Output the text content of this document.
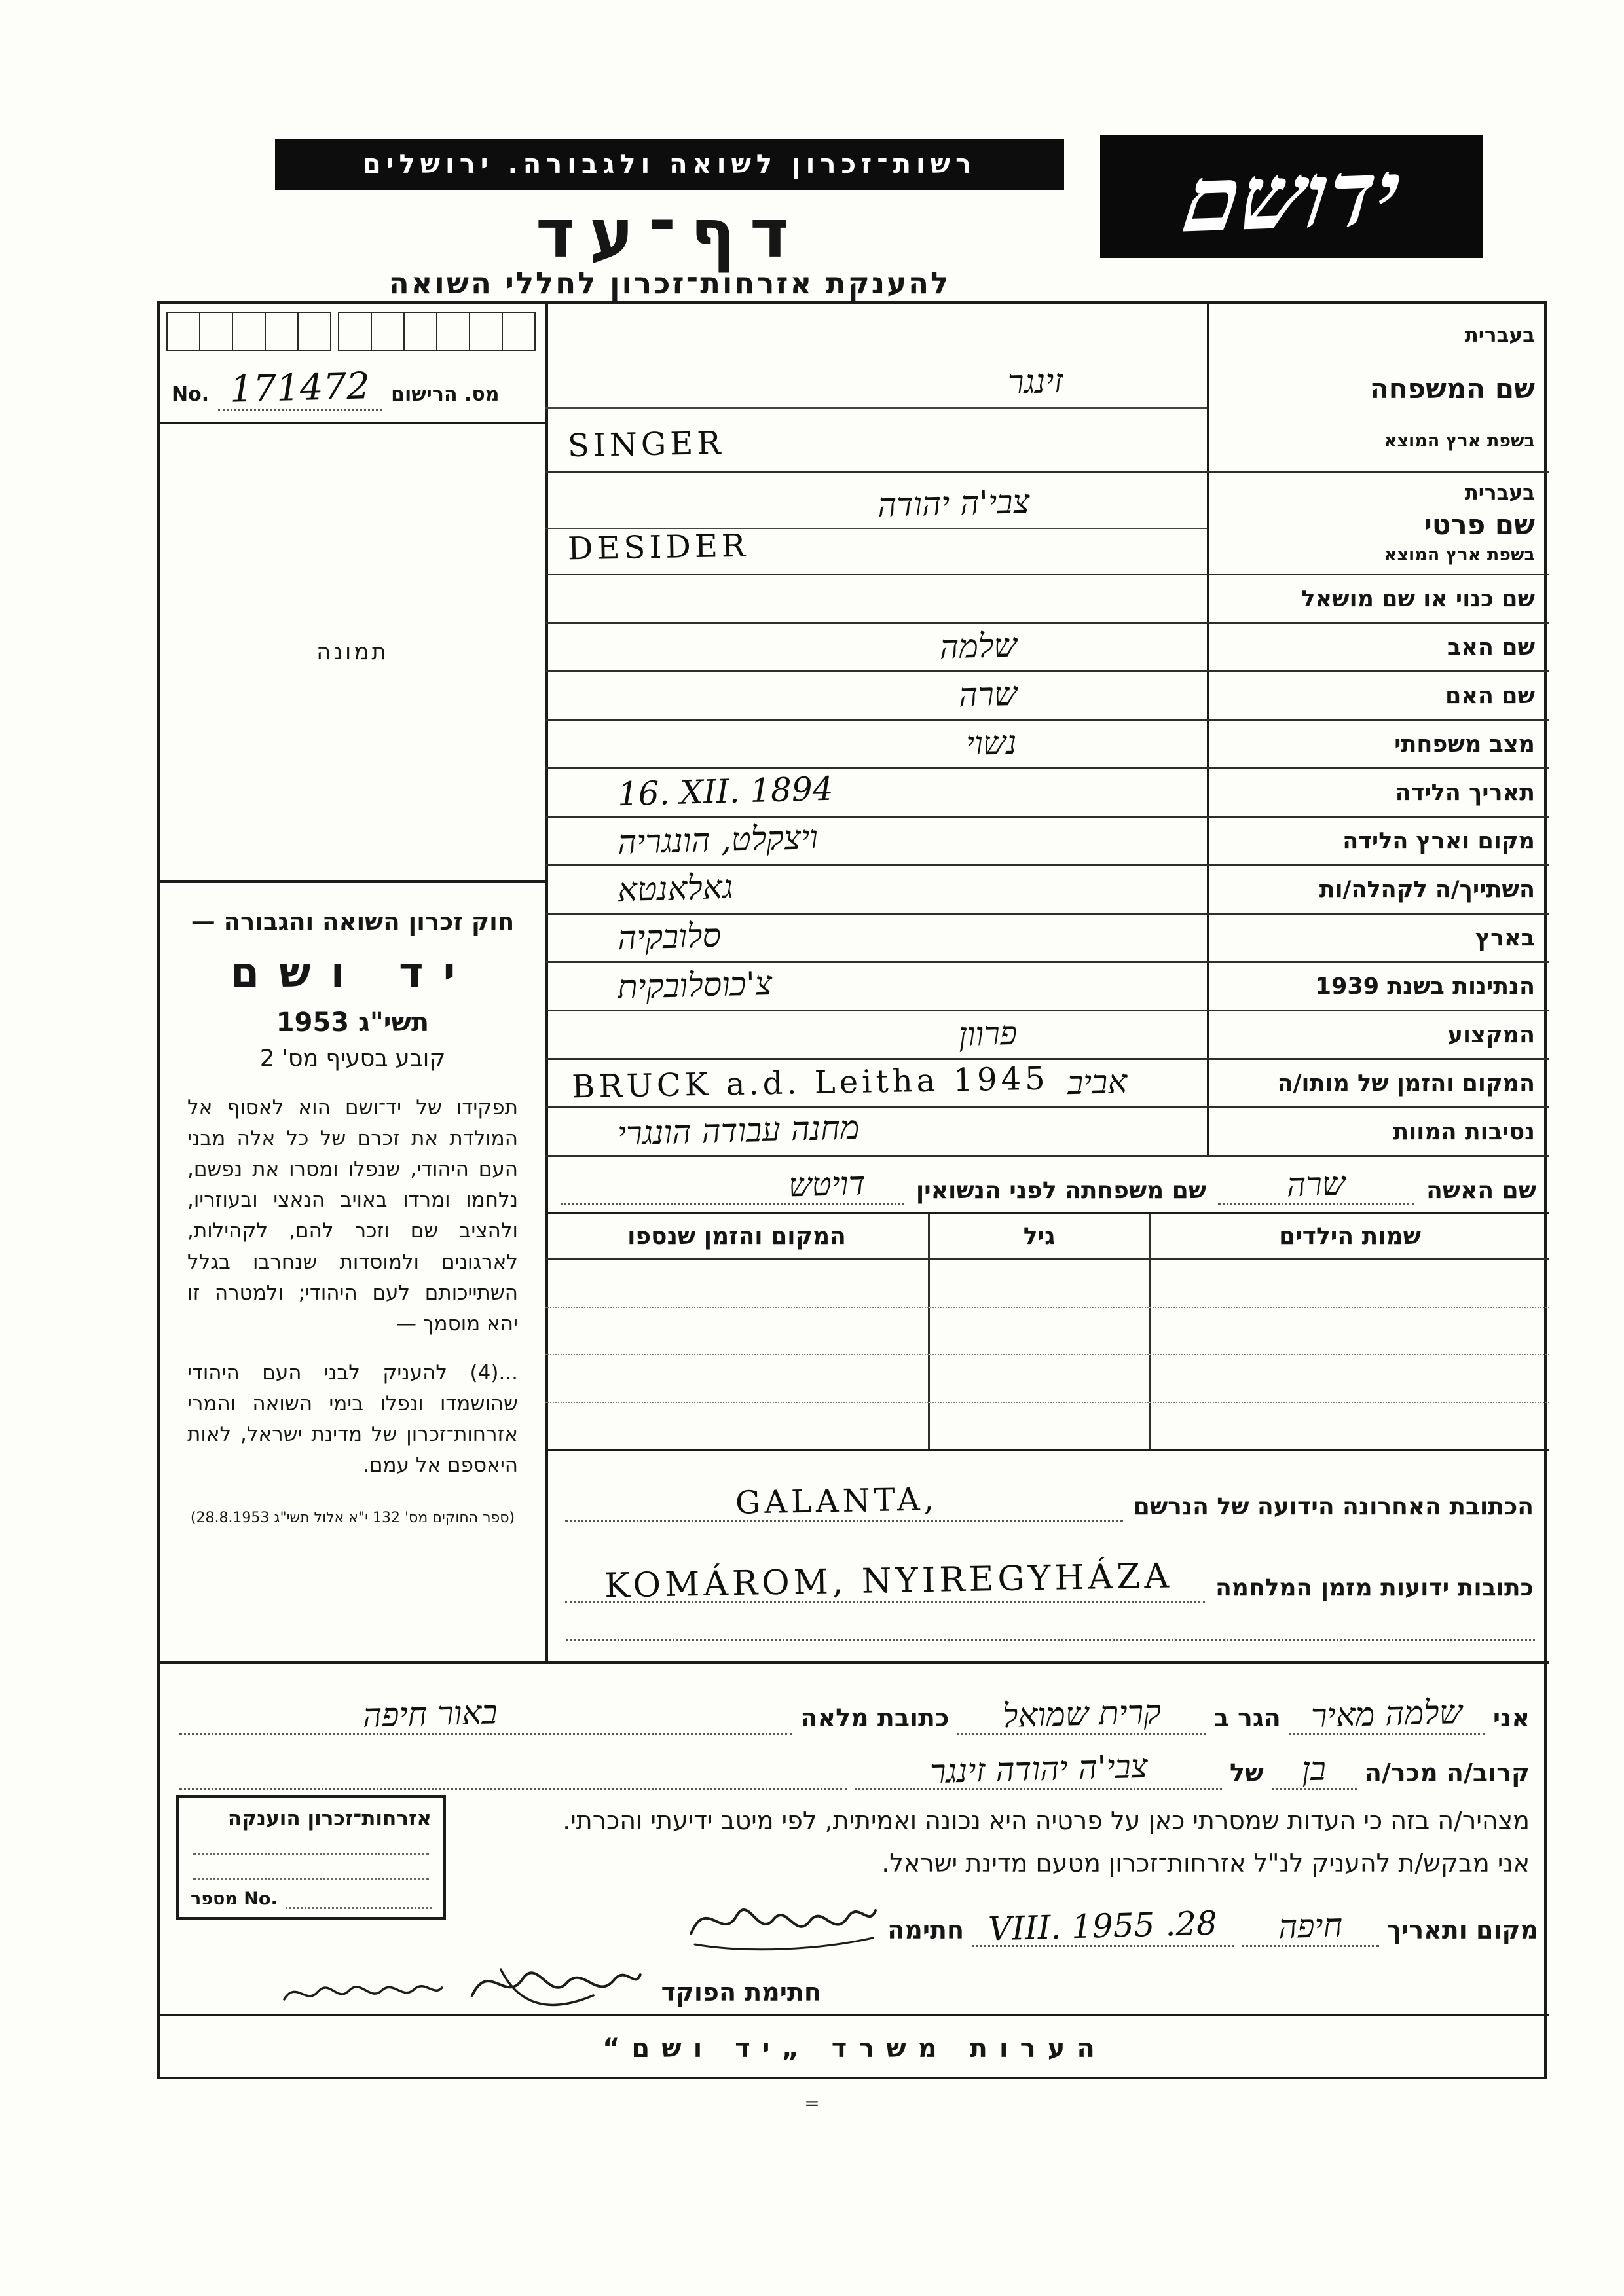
רשות־זכרון לשואה ולגבורה. ירושלים
דף־עד
להענקת אזרחות־זכרון לחללי השואה
ידושם
No. 171472	מס. הרישום
תמונה
חוק זכרון השואה והגבורה —
יד ושם
תשי"ג 1953
קובע בסעיף מס' 2
תפקידו של יד־ושם הוא לאסוף אל המולדת את זכרם של כל אלה מבני העם היהודי, שנפלו ומסרו את נפשם, נלחמו ומרדו באויב הנאצי ובעוזריו, ולהציב שם וזכר להם, לקהילות, לארגונים ולמוסדות שנחרבו בגלל השתייכותם לעם היהודי; ולמטרה זו יהא מוסמך —
...(4) להעניק לבני העם היהודי שהושמדו ונפלו בימי השואה והמרי אזרחות־זכרון של מדינת ישראל, לאות היאספם אל עמם.
(ספר החוקים מס' 132 י"א אלול תשי"ג 28.8.1953)
בעברית
שם המשפחה
בשפת ארץ המוצא
זינגר
SINGER
בעברית
שם פרטי
בשפת ארץ המוצא
צבי'ה יהודה
DESIDER
שם כנוי או שם מושאל
שם האב
שלמה
שם האם
שרה
מצב משפחתי
נשוי
תאריך הלידה
16. XII. 1894
מקום וארץ הלידה
ויצקלט, הונגריה
השתייך/ה לקהלה/ות
גאלאנטא
בארץ
סלובקיה
הנתינות בשנת 1939
צ'כוסלובקית
המקצוע
פרוון
המקום והזמן של מותו/ה
BRUCK a.d. Leitha 1945 אביב
נסיבות המוות
מחנה עבודה הונגרי
שם האשה
שרה
שם משפחתה לפני הנשואין
דויטש
שמות הילדים
גיל
המקום והזמן שנספו
הכתובת האחרונה הידועה של הנרשם
GALANTA,
כתובות ידועות מזמן המלחמה
KOMÁROM, NYIREGYHÁZA
אני
שלמה מאיר
הגר ב
קרית שמואל
כתובת מלאה
באור חיפה
קרוב/ה מכר/ה
בן
של
צבי'ה יהודה זינגר
מצהיר/ה בזה כי העדות שמסרתי כאן על פרטיה היא נכונה ואמיתית, לפי מיטב ידיעתי והכרתי.
אני מבקש/ת להעניק לנ"ל אזרחות־זכרון מטעם מדינת ישראל.
מקום ותאריך
חיפה
28. VIII. 1955
חתימה
חתימת הפוקד
אזרחות־זכרון הוענקה
מספר No.
הערות משרד „יד ושם“
=
